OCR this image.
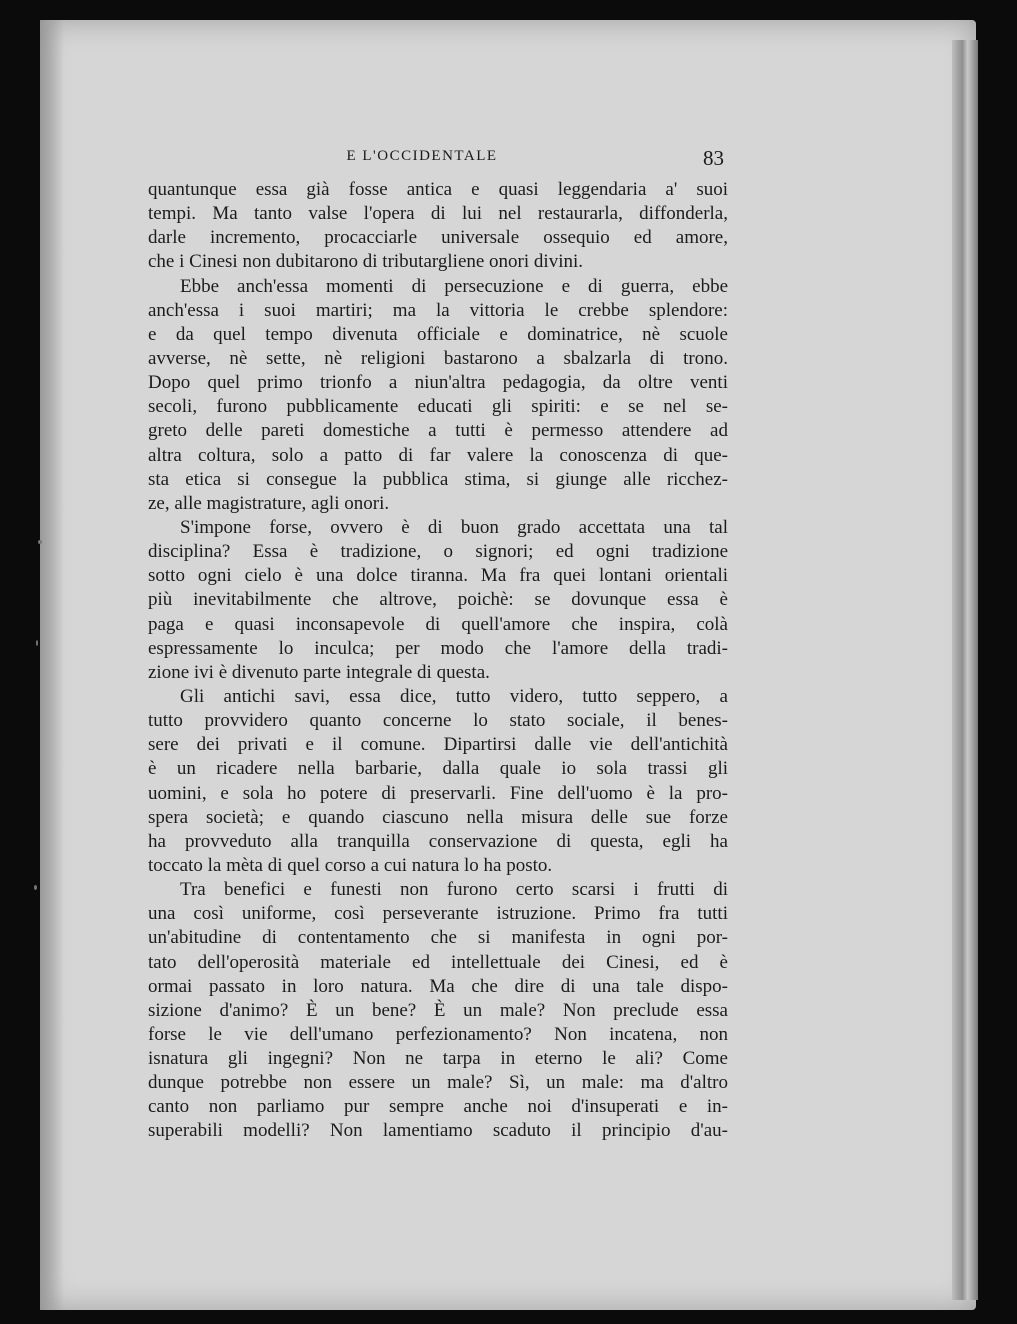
E L'OCCIDENTALE	83
quantunque essa già fosse antica e quasi leggendaria a' suoi
tempi. Ma tanto valse l'opera di lui nel restaurarla, diffonderla,
darle incremento, procacciarle universale ossequio ed amore,
che i Cinesi non dubitarono di tributargliene onori divini.
Ebbe anch'essa momenti di persecuzione e di guerra, ebbe
anch'essa i suoi martiri; ma la vittoria le crebbe splendore:
e da quel tempo divenuta officiale e dominatrice, nè scuole
avverse, nè sette, nè religioni bastarono a sbalzarla di trono.
Dopo quel primo trionfo a niun'altra pedagogia, da oltre venti
secoli, furono pubblicamente educati gli spiriti: e se nel se-
greto delle pareti domestiche a tutti è permesso attendere ad
altra coltura, solo a patto di far valere la conoscenza di que-
sta etica si consegue la pubblica stima, si giunge alle ricchez-
ze, alle magistrature, agli onori.
S'impone forse, ovvero è di buon grado accettata una tal
disciplina? Essa è tradizione, o signori; ed ogni tradizione
sotto ogni cielo è una dolce tiranna. Ma fra quei lontani orientali
più inevitabilmente che altrove, poichè: se dovunque essa è
paga e quasi inconsapevole di quell'amore che inspira, colà
espressamente lo inculca; per modo che l'amore della tradi-
zione ivi è divenuto parte integrale di questa.
Gli antichi savi, essa dice, tutto videro, tutto seppero, a
tutto provvidero quanto concerne lo stato sociale, il benes-
sere dei privati e il comune. Dipartirsi dalle vie dell'antichità
è un ricadere nella barbarie, dalla quale io sola trassi gli
uomini, e sola ho potere di preservarli. Fine dell'uomo è la pro-
spera società; e quando ciascuno nella misura delle sue forze
ha provveduto alla tranquilla conservazione di questa, egli ha
toccato la mèta di quel corso a cui natura lo ha posto.
Tra benefici e funesti non furono certo scarsi i frutti di
una così uniforme, così perseverante istruzione. Primo fra tutti
un'abitudine di contentamento che si manifesta in ogni por-
tato dell'operosità materiale ed intellettuale dei Cinesi, ed è
ormai passato in loro natura. Ma che dire di una tale dispo-
sizione d'animo? È un bene? È un male? Non preclude essa
forse le vie dell'umano perfezionamento? Non incatena, non
isnatura gli ingegni? Non ne tarpa in eterno le ali? Come
dunque potrebbe non essere un male? Sì, un male: ma d'altro
canto non parliamo pur sempre anche noi d'insuperati e in-
superabili modelli? Non lamentiamo scaduto il principio d'au-
